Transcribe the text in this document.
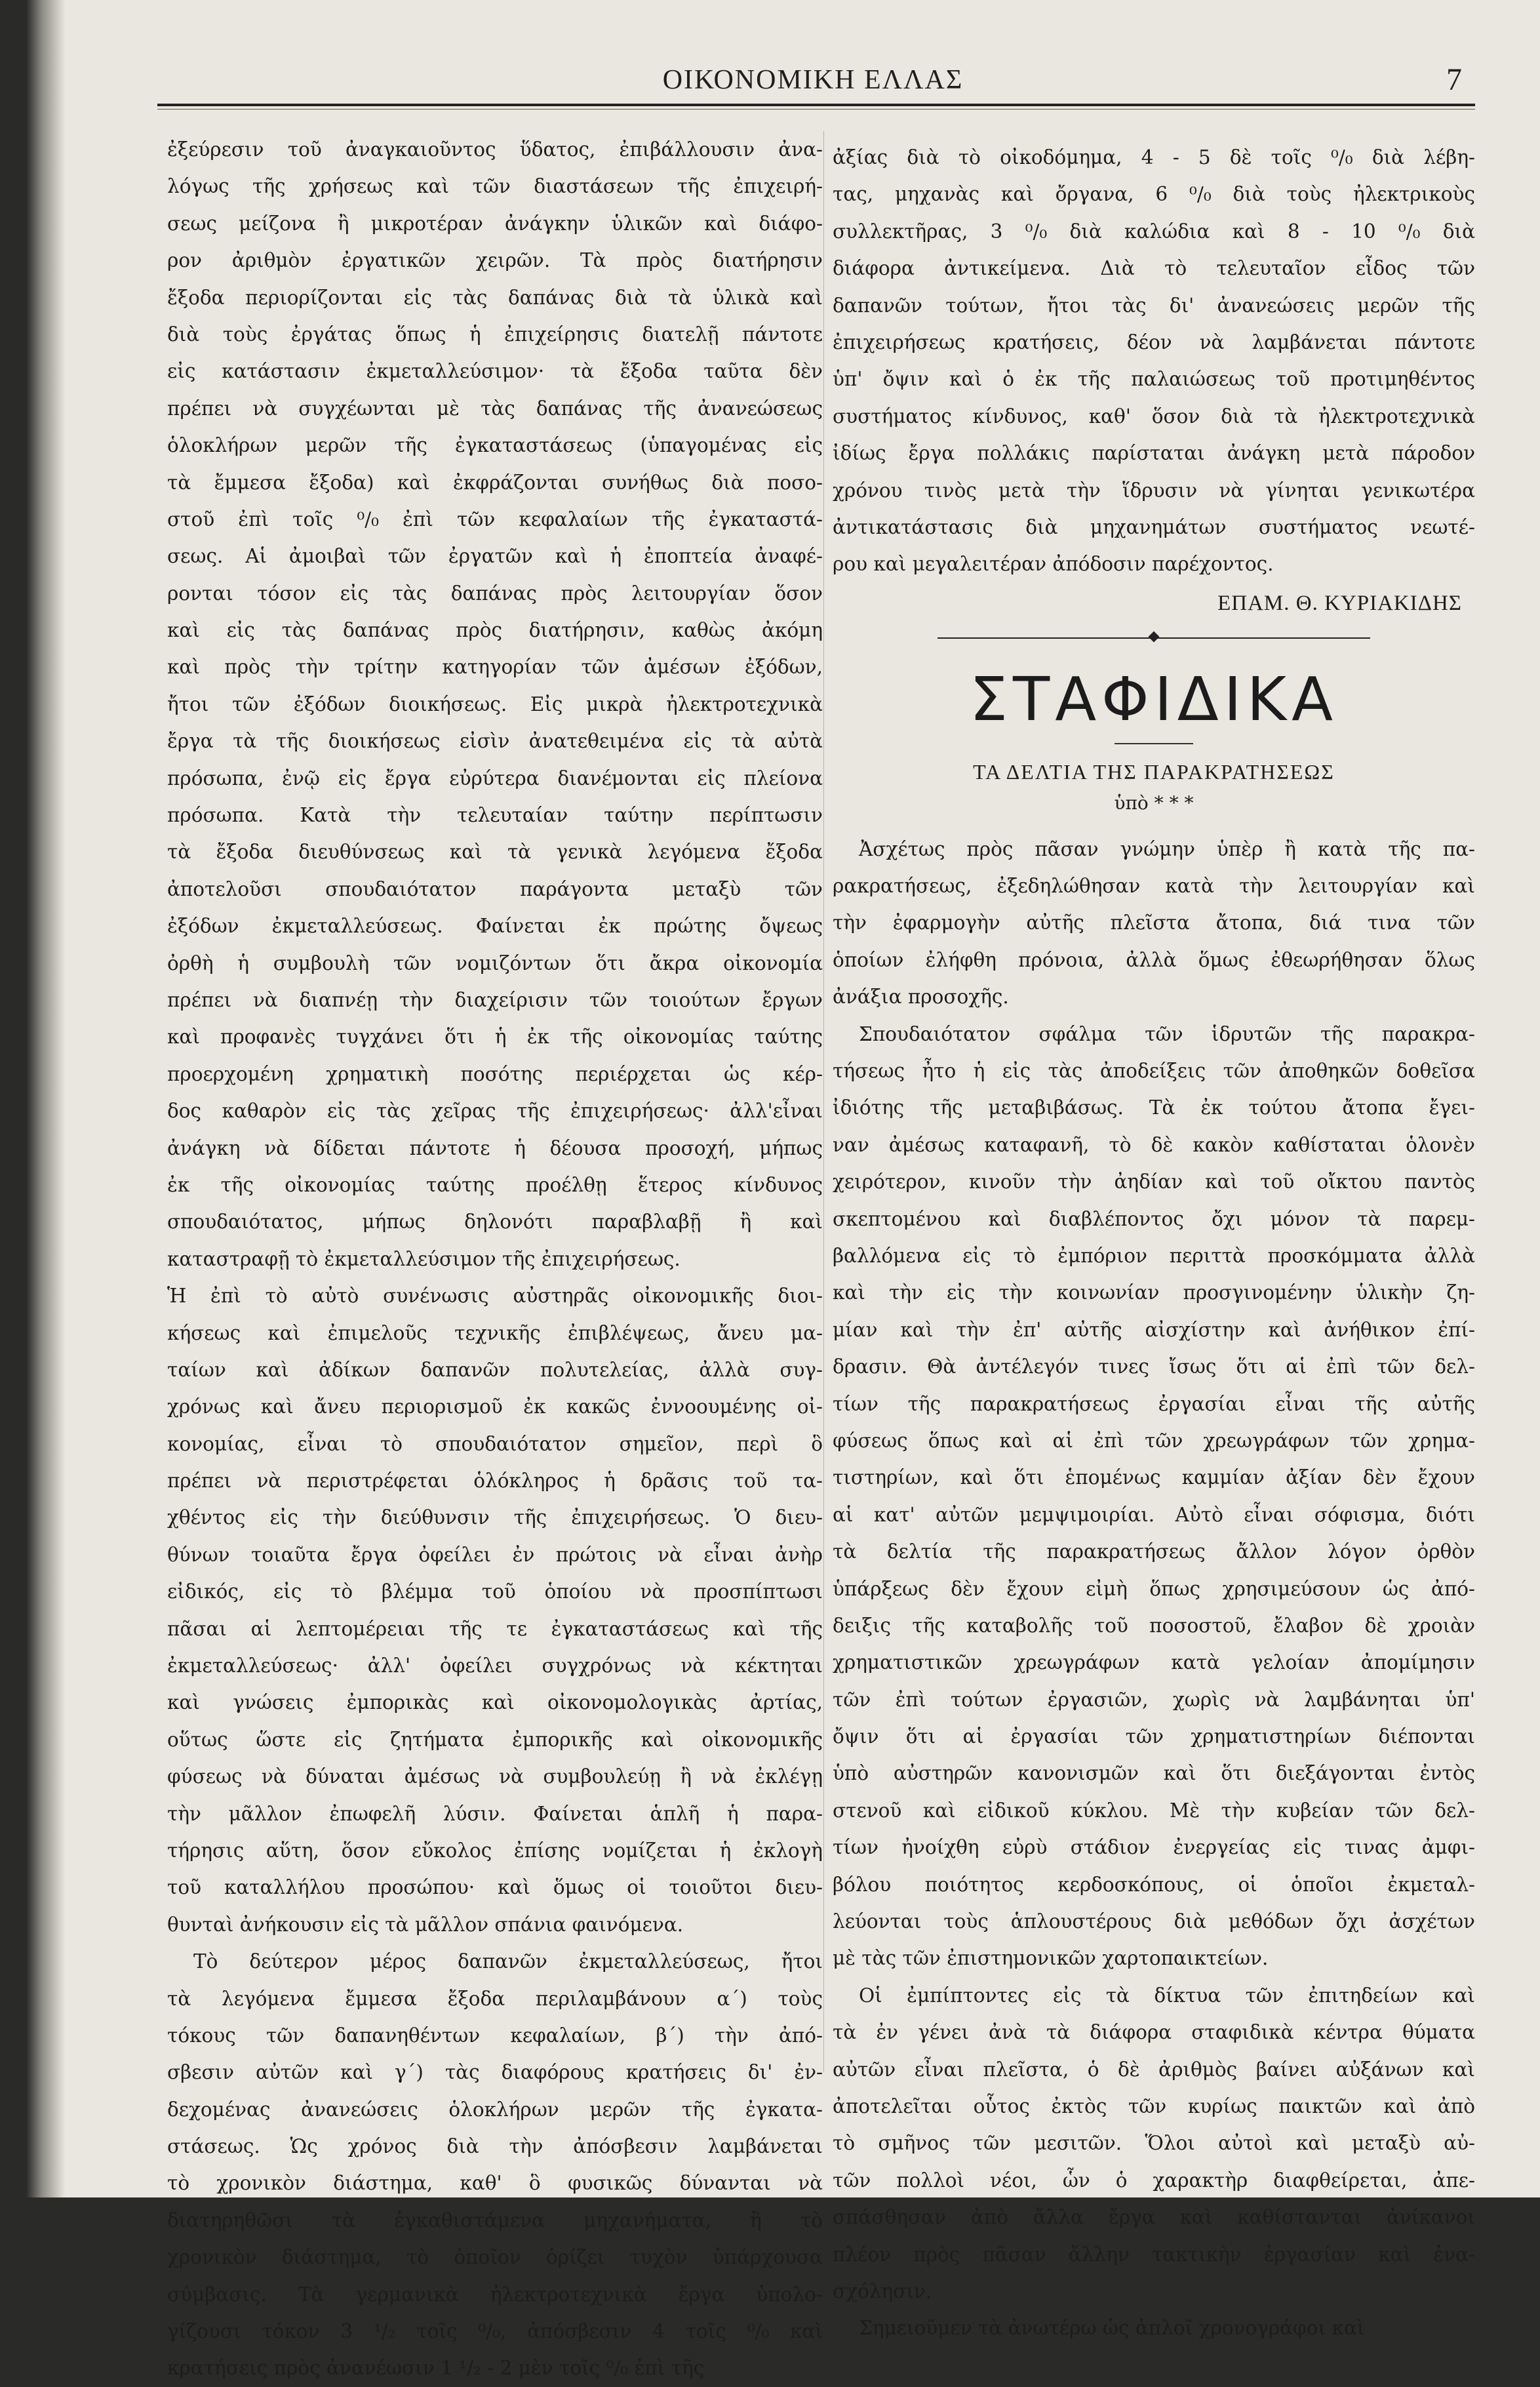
ΟΙΚΟΝΟΜΙΚΗ ΕΛΛΑΣ	7
ἐξεύρεσιν τοῦ ἀναγκαιοῦντος ὕδατος, ἐπιβάλλουσιν ἀνα-
λόγως τῆς χρήσεως καὶ τῶν διαστάσεων τῆς ἐπιχειρή-
σεως μείζονα ἢ μικροτέραν ἀνάγκην ὑλικῶν καὶ διάφο-
ρον ἀριθμὸν ἐργατικῶν χειρῶν. Τὰ πρὸς διατήρησιν
ἔξοδα περιορίζονται εἰς τὰς δαπάνας διὰ τὰ ὑλικὰ καὶ
διὰ τοὺς ἐργάτας ὅπως ἡ ἐπιχείρησις διατελῇ πάντοτε
εἰς κατάστασιν ἐκμεταλλεύσιμον· τὰ ἔξοδα ταῦτα δὲν
πρέπει νὰ συγχέωνται μὲ τὰς δαπάνας τῆς ἀνανεώσεως
ὁλοκλήρων μερῶν τῆς ἐγκαταστάσεως (ὑπαγομένας εἰς
τὰ ἔμμεσα ἔξοδα) καὶ ἐκφράζονται συνήθως διὰ ποσο-
στοῦ ἐπὶ τοῖς ⁰/₀ ἐπὶ τῶν κεφαλαίων τῆς ἐγκαταστά-
σεως. Αἱ ἀμοιβαὶ τῶν ἐργατῶν καὶ ἡ ἐποπτεία ἀναφέ-
ρονται τόσον εἰς τὰς δαπάνας πρὸς λειτουργίαν ὅσον
καὶ εἰς τὰς δαπάνας πρὸς διατήρησιν, καθὼς ἀκόμη
καὶ πρὸς τὴν τρίτην κατηγορίαν τῶν ἀμέσων ἐξόδων,
ἤτοι τῶν ἐξόδων διοικήσεως. Εἰς μικρὰ ἠλεκτροτεχνικὰ
ἔργα τὰ τῆς διοικήσεως εἰσὶν ἀνατεθειμένα εἰς τὰ αὐτὰ
πρόσωπα, ἐνῷ εἰς ἔργα εὐρύτερα διανέμονται εἰς πλείονα
πρόσωπα. Κατὰ τὴν τελευταίαν ταύτην περίπτωσιν
τὰ ἔξοδα διευθύνσεως καὶ τὰ γενικὰ λεγόμενα ἔξοδα
ἀποτελοῦσι σπουδαιότατον παράγοντα μεταξὺ τῶν
ἐξόδων ἐκμεταλλεύσεως. Φαίνεται ἐκ πρώτης ὄψεως
ὀρθὴ ἡ συμβουλὴ τῶν νομιζόντων ὅτι ἄκρα οἰκονομία
πρέπει νὰ διαπνέῃ τὴν διαχείρισιν τῶν τοιούτων ἔργων
καὶ προφανὲς τυγχάνει ὅτι ἡ ἐκ τῆς οἰκονομίας ταύτης
προερχομένη χρηματικὴ ποσότης περιέρχεται ὡς κέρ-
δος καθαρὸν εἰς τὰς χεῖρας τῆς ἐπιχειρήσεως· ἀλλ'εἶναι
ἀνάγκη νὰ δίδεται πάντοτε ἡ δέουσα προσοχή, μήπως
ἐκ τῆς οἰκονομίας ταύτης προέλθῃ ἕτερος κίνδυνος
σπουδαιότατος, μήπως δηλονότι παραβλαβῇ ἢ καὶ
καταστραφῇ τὸ ἐκμεταλλεύσιμον τῆς ἐπιχειρήσεως.
Ἡ ἐπὶ τὸ αὐτὸ συνένωσις αὐστηρᾶς οἰκονομικῆς διοι-
κήσεως καὶ ἐπιμελοῦς τεχνικῆς ἐπιβλέψεως, ἄνευ μα-
ταίων καὶ ἀδίκων δαπανῶν πολυτελείας, ἀλλὰ συγ-
χρόνως καὶ ἄνευ περιορισμοῦ ἐκ κακῶς ἐννοουμένης οἰ-
κονομίας, εἶναι τὸ σπουδαιότατον σημεῖον, περὶ ὃ
πρέπει νὰ περιστρέφεται ὁλόκληρος ἡ δρᾶσις τοῦ τα-
χθέντος εἰς τὴν διεύθυνσιν τῆς ἐπιχειρήσεως. Ὁ διευ-
θύνων τοιαῦτα ἔργα ὀφείλει ἐν πρώτοις νὰ εἶναι ἀνὴρ
εἰδικός, εἰς τὸ βλέμμα τοῦ ὁποίου νὰ προσπίπτωσι
πᾶσαι αἱ λεπτομέρειαι τῆς τε ἐγκαταστάσεως καὶ τῆς
ἐκμεταλλεύσεως· ἀλλ' ὀφείλει συγχρόνως νὰ κέκτηται
καὶ γνώσεις ἐμπορικὰς καὶ οἰκονομολογικὰς ἀρτίας,
οὕτως ὥστε εἰς ζητήματα ἐμπορικῆς καὶ οἰκονομικῆς
φύσεως νὰ δύναται ἀμέσως νὰ συμβουλεύῃ ἢ νὰ ἐκλέγῃ
τὴν μᾶλλον ἐπωφελῆ λύσιν. Φαίνεται ἁπλῆ ἡ παρα-
τήρησις αὕτη, ὅσον εὔκολος ἐπίσης νομίζεται ἡ ἐκλογὴ
τοῦ καταλλήλου προσώπου· καὶ ὅμως οἱ τοιοῦτοι διευ-
θυνταὶ ἀνήκουσιν εἰς τὰ μᾶλλον σπάνια φαινόμενα.
Τὸ δεύτερον μέρος δαπανῶν ἐκμεταλλεύσεως, ἤτοι
τὰ λεγόμενα ἔμμεσα ἔξοδα περιλαμβάνουν α΄) τοὺς
τόκους τῶν δαπανηθέντων κεφαλαίων, β΄) τὴν ἀπό-
σβεσιν αὐτῶν καὶ γ΄) τὰς διαφόρους κρατήσεις δι' ἐν-
δεχομένας ἀνανεώσεις ὁλοκλήρων μερῶν τῆς ἐγκατα-
στάσεως. Ὡς χρόνος διὰ τὴν ἀπόσβεσιν λαμβάνεται
τὸ χρονικὸν διάστημα, καθ' ὃ φυσικῶς δύνανται νὰ
διατηρηθῶσι τὰ ἐγκαθιστάμενα μηχανήματα, ἢ τὸ
χρονικὸν διάστημα, τὸ ὁποῖον ὁρίζει τυχὸν ὑπάρχουσα
σύμβασις. Τὰ γερμανικὰ ἠλεκτροτεχνικὰ ἔργα ὑπολο-
γίζουσι τόκον 3 ¹/₂ τοῖς ⁰/₀, ἀπόσβεσιν 4 τοῖς ⁰/₀ καὶ
κρατήσεις πρὸς ἀνανέωσιν 1 ¹/₂ - 2 μὲν τοῖς ⁰/₀ ἐπὶ τῆς
ἀξίας διὰ τὸ οἰκοδόμημα, 4 - 5 δὲ τοῖς ⁰/₀ διὰ λέβη-
τας, μηχανὰς καὶ ὄργανα, 6 ⁰/₀ διὰ τοὺς ἠλεκτρικοὺς
συλλεκτῆρας, 3 ⁰/₀ διὰ καλώδια καὶ 8 - 10 ⁰/₀ διὰ
διάφορα ἀντικείμενα. Διὰ τὸ τελευταῖον εἶδος τῶν
δαπανῶν τούτων, ἤτοι τὰς δι' ἀνανεώσεις μερῶν τῆς
ἐπιχειρήσεως κρατήσεις, δέον νὰ λαμβάνεται πάντοτε
ὑπ' ὄψιν καὶ ὁ ἐκ τῆς παλαιώσεως τοῦ προτιμηθέντος
συστήματος κίνδυνος, καθ' ὅσον διὰ τὰ ἠλεκτροτεχνικὰ
ἰδίως ἔργα πολλάκις παρίσταται ἀνάγκη μετὰ πάροδον
χρόνου τινὸς μετὰ τὴν ἵδρυσιν νὰ γίνηται γενικωτέρα
ἀντικατάστασις διὰ μηχανημάτων συστήματος νεωτέ-
ρου καὶ μεγαλειτέραν ἀπόδοσιν παρέχοντος.
ΕΠΑΜ. Θ. ΚΥΡΙΑΚΙΔΗΣ
ΣΤΑΦΙΔΙΚΑ
ΤΑ ΔΕΛΤΙΑ ΤΗΣ ΠΑΡΑΚΡΑΤΗΣΕΩΣ
ὑπὸ * * *
Ἀσχέτως πρὸς πᾶσαν γνώμην ὑπὲρ ἢ κατὰ τῆς πα-
ρακρατήσεως, ἐξεδηλώθησαν κατὰ τὴν λειτουργίαν καὶ
τὴν ἐφαρμογὴν αὐτῆς πλεῖστα ἄτοπα, διά τινα τῶν
ὁποίων ἐλήφθη πρόνοια, ἀλλὰ ὅμως ἐθεωρήθησαν ὅλως
ἀνάξια προσοχῆς.
Σπουδαιότατον σφάλμα τῶν ἱδρυτῶν τῆς παρακρα-
τήσεως ἦτο ἡ εἰς τὰς ἀποδείξεις τῶν ἀποθηκῶν δοθεῖσα
ἰδιότης τῆς μεταβιβάσως. Τὰ ἐκ τούτου ἄτοπα ἔγει-
ναν ἀμέσως καταφανῆ, τὸ δὲ κακὸν καθίσταται ὁλονὲν
χειρότερον, κινοῦν τὴν ἀηδίαν καὶ τοῦ οἴκτου παντὸς
σκεπτομένου καὶ διαβλέποντος ὄχι μόνον τὰ παρεμ-
βαλλόμενα εἰς τὸ ἐμπόριον περιττὰ προσκόμματα ἀλλὰ
καὶ τὴν εἰς τὴν κοινωνίαν προσγινομένην ὑλικὴν ζη-
μίαν καὶ τὴν ἐπ' αὐτῆς αἰσχίστην καὶ ἀνήθικον ἐπί-
δρασιν. Θὰ ἀντέλεγόν τινες ἴσως ὅτι αἱ ἐπὶ τῶν δελ-
τίων τῆς παρακρατήσεως ἐργασίαι εἶναι τῆς αὐτῆς
φύσεως ὅπως καὶ αἱ ἐπὶ τῶν χρεωγράφων τῶν χρημα-
τιστηρίων, καὶ ὅτι ἑπομένως καμμίαν ἀξίαν δὲν ἔχουν
αἱ κατ' αὐτῶν μεμψιμοιρίαι. Αὐτὸ εἶναι σόφισμα, διότι
τὰ δελτία τῆς παρακρατήσεως ἄλλον λόγον ὀρθὸν
ὑπάρξεως δὲν ἔχουν εἰμὴ ὅπως χρησιμεύσουν ὡς ἀπό-
δειξις τῆς καταβολῆς τοῦ ποσοστοῦ, ἔλαβον δὲ χροιὰν
χρηματιστικῶν χρεωγράφων κατὰ γελοίαν ἀπομίμησιν
τῶν ἐπὶ τούτων ἐργασιῶν, χωρὶς νὰ λαμβάνηται ὑπ'
ὄψιν ὅτι αἱ ἐργασίαι τῶν χρηματιστηρίων διέπονται
ὑπὸ αὐστηρῶν κανονισμῶν καὶ ὅτι διεξάγονται ἐντὸς
στενοῦ καὶ εἰδικοῦ κύκλου. Μὲ τὴν κυβείαν τῶν δελ-
τίων ἠνοίχθη εὐρὺ στάδιον ἐνεργείας εἰς τινας ἀμφι-
βόλου ποιότητος κερδοσκόπους, οἱ ὁποῖοι ἐκμεταλ-
λεύονται τοὺς ἁπλουστέρους διὰ μεθόδων ὄχι ἀσχέτων
μὲ τὰς τῶν ἐπιστημονικῶν χαρτοπαικτείων.
Οἱ ἐμπίπτοντες εἰς τὰ δίκτυα τῶν ἐπιτηδείων καὶ
τὰ ἐν γένει ἀνὰ τὰ διάφορα σταφιδικὰ κέντρα θύματα
αὐτῶν εἶναι πλεῖστα, ὁ δὲ ἀριθμὸς βαίνει αὐξάνων καὶ
ἀποτελεῖται οὗτος ἐκτὸς τῶν κυρίως παικτῶν καὶ ἀπὸ
τὸ σμῆνος τῶν μεσιτῶν. Ὅλοι αὐτοὶ καὶ μεταξὺ αὐ-
τῶν πολλοὶ νέοι, ὧν ὁ χαρακτὴρ διαφθείρεται, ἀπε-
σπάσθησαν ἀπὸ ἄλλα ἔργα καὶ καθίστανται ἀνίκανοι
πλέον πρὸς πᾶσαν ἄλλην τακτικὴν ἐργασίαν καὶ ἐνα-
σχόλησιν.
Σημειοῦμεν τὰ ἀνωτέρω ὡς ἁπλοῖ χρονογράφοι καὶ
